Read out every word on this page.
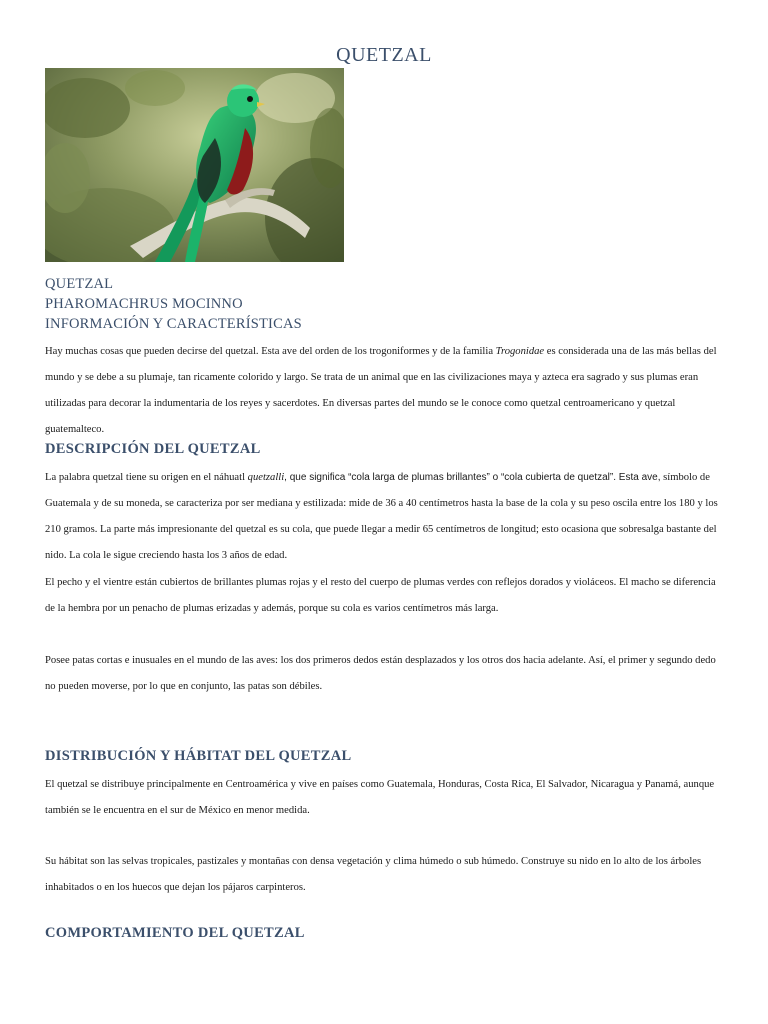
QUETZAL
QUETZAL
PHAROMACHRUS MOCINNO
INFORMACIÓN Y CARACTERÍSTICAS

Hay muchas cosas que pueden decirse del quetzal. Esta ave del orden de los trogoniformes y de la familia Trogonidae es considerada una de las más bellas del mundo y se debe a su plumaje, tan ricamente colorido y largo. Se trata de un animal que en las civilizaciones maya y azteca era sagrado y sus plumas eran utilizadas para decorar la indumentaria de los reyes y sacerdotes. En diversas partes del mundo se le conoce como quetzal centroamericano y quetzal guatemalteco.

DESCRIPCIÓN DEL QUETZAL

La palabra quetzal tiene su origen en el náhuatl quetzalli, que significa “cola larga de plumas brillantes” o “cola cubierta de quetzal”. Esta ave, símbolo de Guatemala y de su moneda, se caracteriza por ser mediana y estilizada: mide de 36 a 40 centímetros hasta la base de la cola y su peso oscila entre los 180 y los 210 gramos. La parte más impresionante del quetzal es su cola, que puede llegar a medir 65 centímetros de longitud; esto ocasiona que sobresalga bastante del nido. La cola le sigue creciendo hasta los 3 años de edad.

El pecho y el vientre están cubiertos de brillantes plumas rojas y el resto del cuerpo de plumas verdes con reflejos dorados y violáceos. El macho se diferencia de la hembra por un penacho de plumas erizadas y además, porque su cola es varios centímetros más larga.

Posee patas cortas e inusuales en el mundo de las aves: los dos primeros dedos están desplazados y los otros dos hacia adelante. Así, el primer y segundo dedo no pueden moverse, por lo que en conjunto, las patas son débiles.

DISTRIBUCIÓN Y HÁBITAT DEL QUETZAL

El quetzal se distribuye principalmente en Centroamérica y vive en países como Guatemala, Honduras, Costa Rica, El Salvador, Nicaragua y Panamá, aunque también se le encuentra en el sur de México en menor medida.

Su hábitat son las selvas tropicales, pastizales y montañas con densa vegetación y clima húmedo o sub húmedo. Construye su nido en lo alto de los árboles inhabitados o en los huecos que dejan los pájaros carpinteros.

COMPORTAMIENTO DEL QUETZAL
